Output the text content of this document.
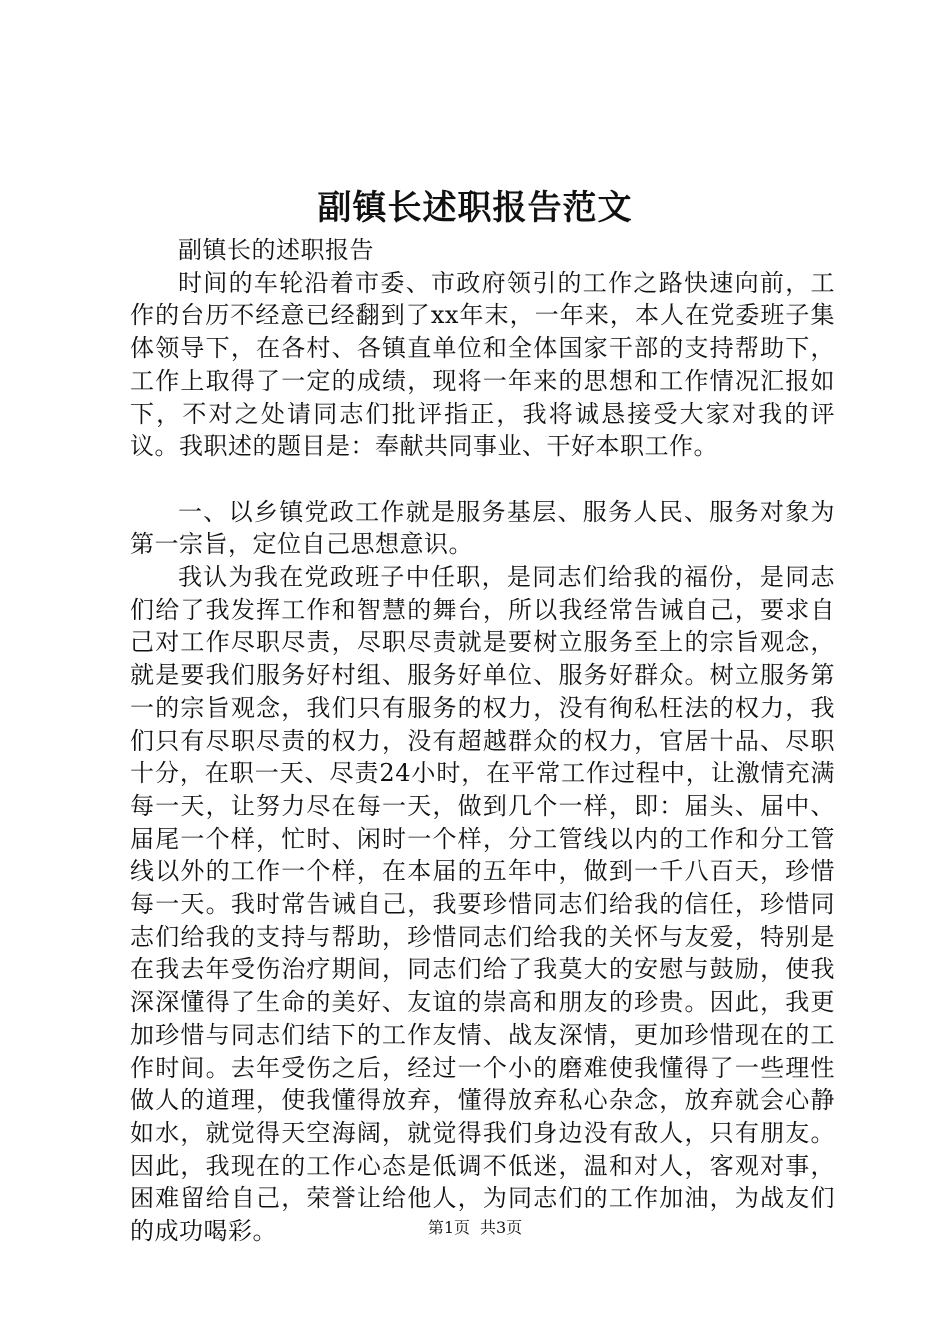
副镇长述职报告范文

副镇长的述职报告

时间的车轮沿着市委、市政府领引的工作之路快速向前，工作的台历不经意已经翻到了xx年末，一年来，本人在党委班子集体领导下，在各村、各镇直单位和全体国家干部的支持帮助下，工作上取得了一定的成绩，现将一年来的思想和工作情况汇报如下，不对之处请同志们批评指正，我将诚恳接受大家对我的评议。我职述的题目是：奉献共同事业、干好本职工作。

一、以乡镇党政工作就是服务基层、服务人民、服务对象为第一宗旨，定位自己思想意识。

我认为我在党政班子中任职，是同志们给我的福份，是同志们给了我发挥工作和智慧的舞台，所以我经常告诫自己，要求自己对工作尽职尽责，尽职尽责就是要树立服务至上的宗旨观念，就是要我们服务好村组、服务好单位、服务好群众。树立服务第一的宗旨观念，我们只有服务的权力，没有徇私枉法的权力，我们只有尽职尽责的权力，没有超越群众的权力，官居十品、尽职十分，在职一天、尽责24小时，在平常工作过程中，让激情充满每一天，让努力尽在每一天，做到几个一样，即：届头、届中、届尾一个样，忙时、闲时一个样，分工管线以内的工作和分工管线以外的工作一个样，在本届的五年中，做到一千八百天，珍惜每一天。我时常告诫自己，我要珍惜同志们给我的信任，珍惜同志们给我的支持与帮助，珍惜同志们给我的关怀与友爱，特别是在我去年受伤治疗期间，同志们给了我莫大的安慰与鼓励，使我深深懂得了生命的美好、友谊的崇高和朋友的珍贵。因此，我更加珍惜与同志们结下的工作友情、战友深情，更加珍惜现在的工作时间。去年受伤之后，经过一个小的磨难使我懂得了一些理性做人的道理，使我懂得放弃，懂得放弃私心杂念，放弃就会心静如水，就觉得天空海阔，就觉得我们身边没有敌人，只有朋友。因此，我现在的工作心态是低调不低迷，温和对人，客观对事，困难留给自己，荣誉让给他人，为同志们的工作加油，为战友们的成功喝彩。	第1页 共3页
